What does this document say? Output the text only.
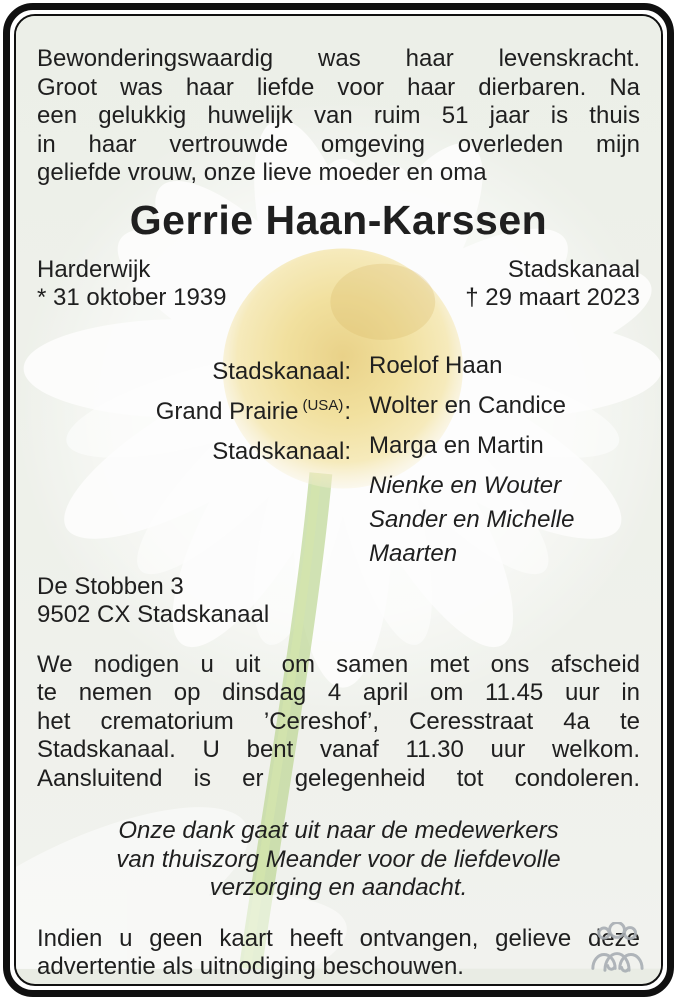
Bewonderingswaardig was haar levenskracht.
Groot was haar liefde voor haar dierbaren. Na
een gelukkig huwelijk van ruim 51 jaar is thuis
in haar vertrouwde omgeving overleden mijn
geliefde vrouw, onze lieve moeder en oma
Gerrie Haan-Karssen
Harderwijk
* 31 oktober 1939
Stadskanaal
† 29 maart 2023
Stadskanaal: Roelof Haan
Grand Prairie $^{(USA)}$: Wolter en Candice
Stadskanaal: Marga en Martin
Nienke en Wouter
Sander en Michelle
Maarten
De Stobben 3
9502 CX Stadskanaal
We nodigen u uit om samen met ons afscheid
te nemen op dinsdag 4 april om 11.45 uur in
het crematorium ’Cereshof’, Ceresstraat 4a te
Stadskanaal. U bent vanaf 11.30 uur welkom.
Aansluitend is er gelegenheid tot condoleren.
Onze dank gaat uit naar de medewerkers
van thuiszorg Meander voor de liefdevolle
verzorging en aandacht.
Indien u geen kaart heeft ontvangen, gelieve deze
advertentie als uitnodiging beschouwen.
